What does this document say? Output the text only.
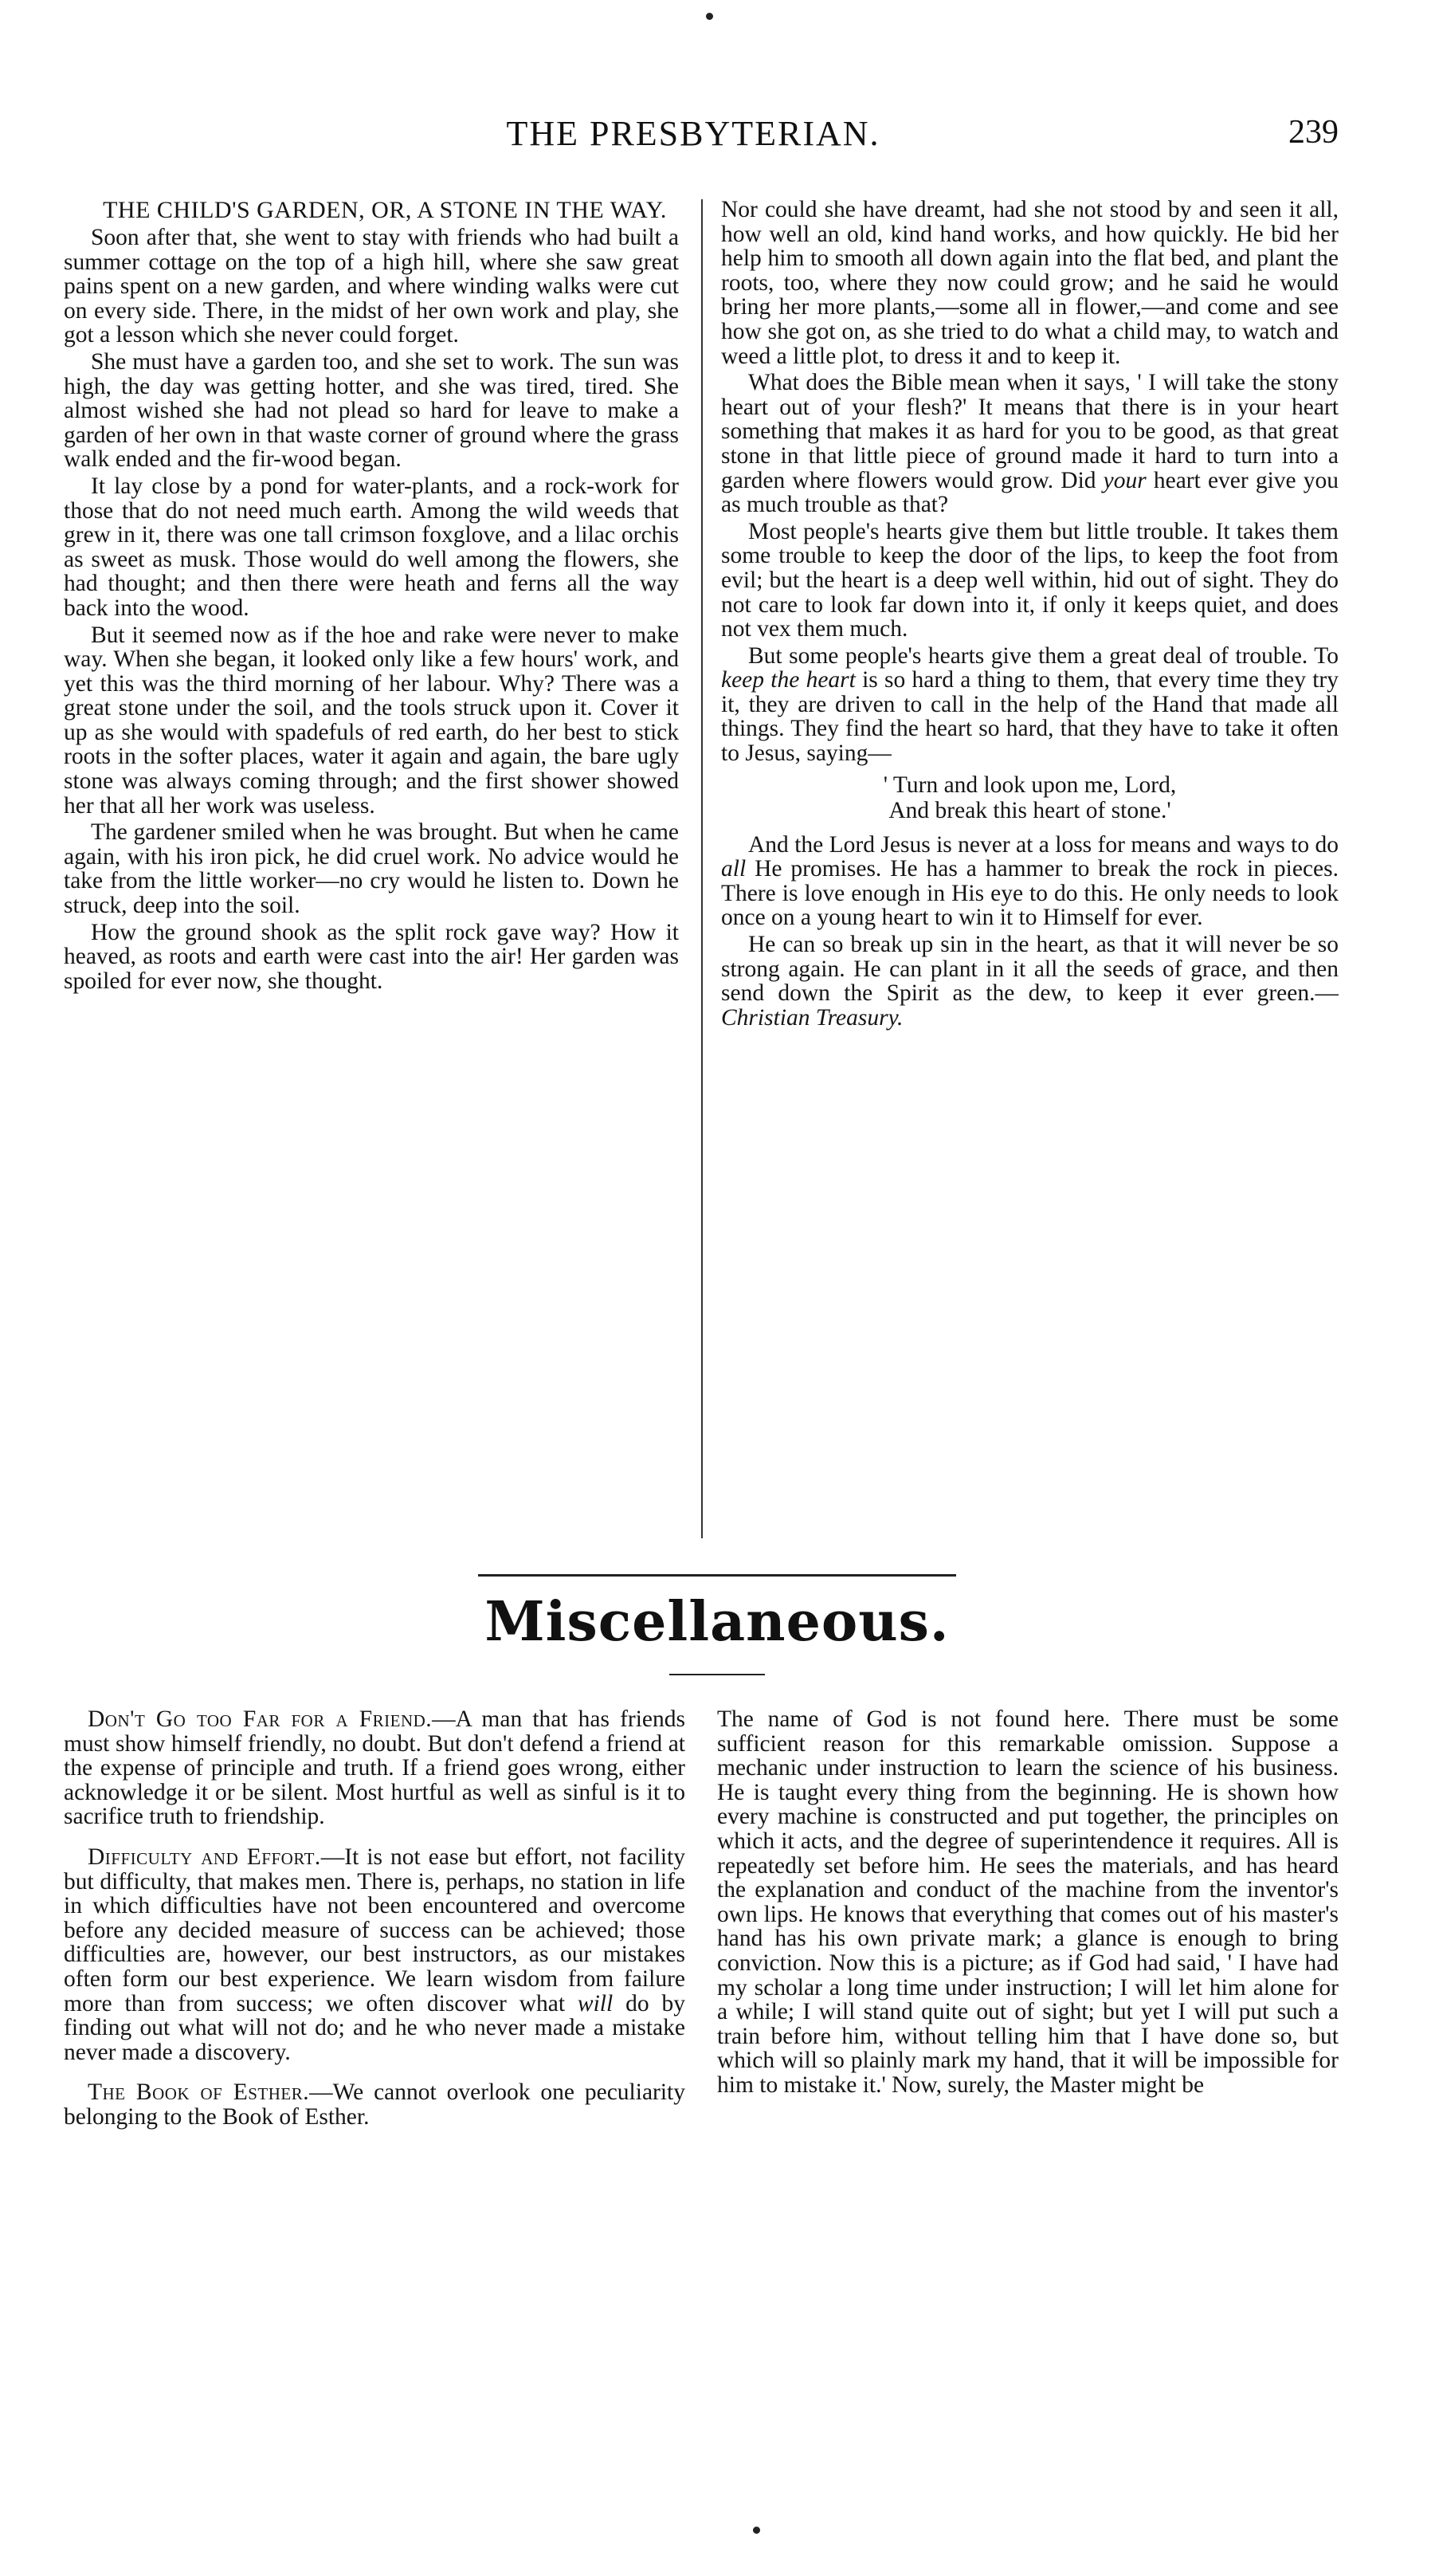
THE PRESBYTERIAN.	239

THE CHILD'S GARDEN, OR, A STONE IN THE WAY.

Soon after that, she went to stay with friends who had built a summer cottage on the top of a high hill, where she saw great pains spent on a new garden, and where winding walks were cut on every side. There, in the midst of her own work and play, she got a lesson which she never could forget.

She must have a garden too, and she set to work. The sun was high, the day was getting hotter, and she was tired, tired. She almost wished she had not plead so hard for leave to make a garden of her own in that waste corner of ground where the grass walk ended and the fir-wood began.

It lay close by a pond for water-plants, and a rock-work for those that do not need much earth. Among the wild weeds that grew in it, there was one tall crimson foxglove, and a lilac orchis as sweet as musk. Those would do well among the flowers, she had thought; and then there were heath and ferns all the way back into the wood.

But it seemed now as if the hoe and rake were never to make way. When she began, it looked only like a few hours' work, and yet this was the third morning of her labour. Why? There was a great stone under the soil, and the tools struck upon it. Cover it up as she would with spadefuls of red earth, do her best to stick roots in the softer places, water it again and again, the bare ugly stone was always coming through; and the first shower showed her that all her work was useless.

The gardener smiled when he was brought. But when he came again, with his iron pick, he did cruel work. No advice would he take from the little worker—no cry would he listen to. Down he struck, deep into the soil.

How the ground shook as the split rock gave way? How it heaved, as roots and earth were cast into the air! Her garden was spoiled for ever now, she thought.

Nor could she have dreamt, had she not stood by and seen it all, how well an old, kind hand works, and how quickly. He bid her help him to smooth all down again into the flat bed, and plant the roots, too, where they now could grow; and he said he would bring her more plants,—some all in flower,—and come and see how she got on, as she tried to do what a child may, to watch and weed a little plot, to dress it and to keep it.

What does the Bible mean when it says, ' I will take the stony heart out of your flesh?' It means that there is in your heart something that makes it as hard for you to be good, as that great stone in that little piece of ground made it hard to turn into a garden where flowers would grow. Did your heart ever give you as much trouble as that?

Most people's hearts give them but little trouble. It takes them some trouble to keep the door of the lips, to keep the foot from evil; but the heart is a deep well within, hid out of sight. They do not care to look far down into it, if only it keeps quiet, and does not vex them much.

But some people's hearts give them a great deal of trouble. To keep the heart is so hard a thing to them, that every time they try it, they are driven to call in the help of the Hand that made all things. They find the heart so hard, that they have to take it often to Jesus, saying—

' Turn and look upon me, Lord,
And break this heart of stone.'

And the Lord Jesus is never at a loss for means and ways to do all He promises. He has a hammer to break the rock in pieces. There is love enough in His eye to do this. He only needs to look once on a young heart to win it to Himself for ever.

He can so break up sin in the heart, as that it will never be so strong again. He can plant in it all the seeds of grace, and then send down the Spirit as the dew, to keep it ever green.—Christian Treasury.

Miscellaneous.

Don't Go too Far for a Friend.—A man that has friends must show himself friendly, no doubt. But don't defend a friend at the expense of principle and truth. If a friend goes wrong, either acknowledge it or be silent. Most hurtful as well as sinful is it to sacrifice truth to friendship.

Difficulty and Effort.—It is not ease but effort, not facility but difficulty, that makes men. There is, perhaps, no station in life in which difficulties have not been encountered and overcome before any decided measure of success can be achieved; those difficulties are, however, our best instructors, as our mistakes often form our best experience. We learn wisdom from failure more than from success; we often discover what will do by finding out what will not do; and he who never made a mistake never made a discovery.

The Book of Esther.—We cannot overlook one peculiarity belonging to the Book of Esther.

The name of God is not found here. There must be some sufficient reason for this remarkable omission. Suppose a mechanic under instruction to learn the science of his business. He is taught every thing from the beginning. He is shown how every machine is constructed and put together, the principles on which it acts, and the degree of superintendence it requires. All is repeatedly set before him. He sees the materials, and has heard the explanation and conduct of the machine from the inventor's own lips. He knows that everything that comes out of his master's hand has his own private mark; a glance is enough to bring conviction. Now this is a picture; as if God had said, ' I have had my scholar a long time under instruction; I will let him alone for a while; I will stand quite out of sight; but yet I will put such a train before him, without telling him that I have done so, but which will so plainly mark my hand, that it will be impossible for him to mistake it.' Now, surely, the Master might be
